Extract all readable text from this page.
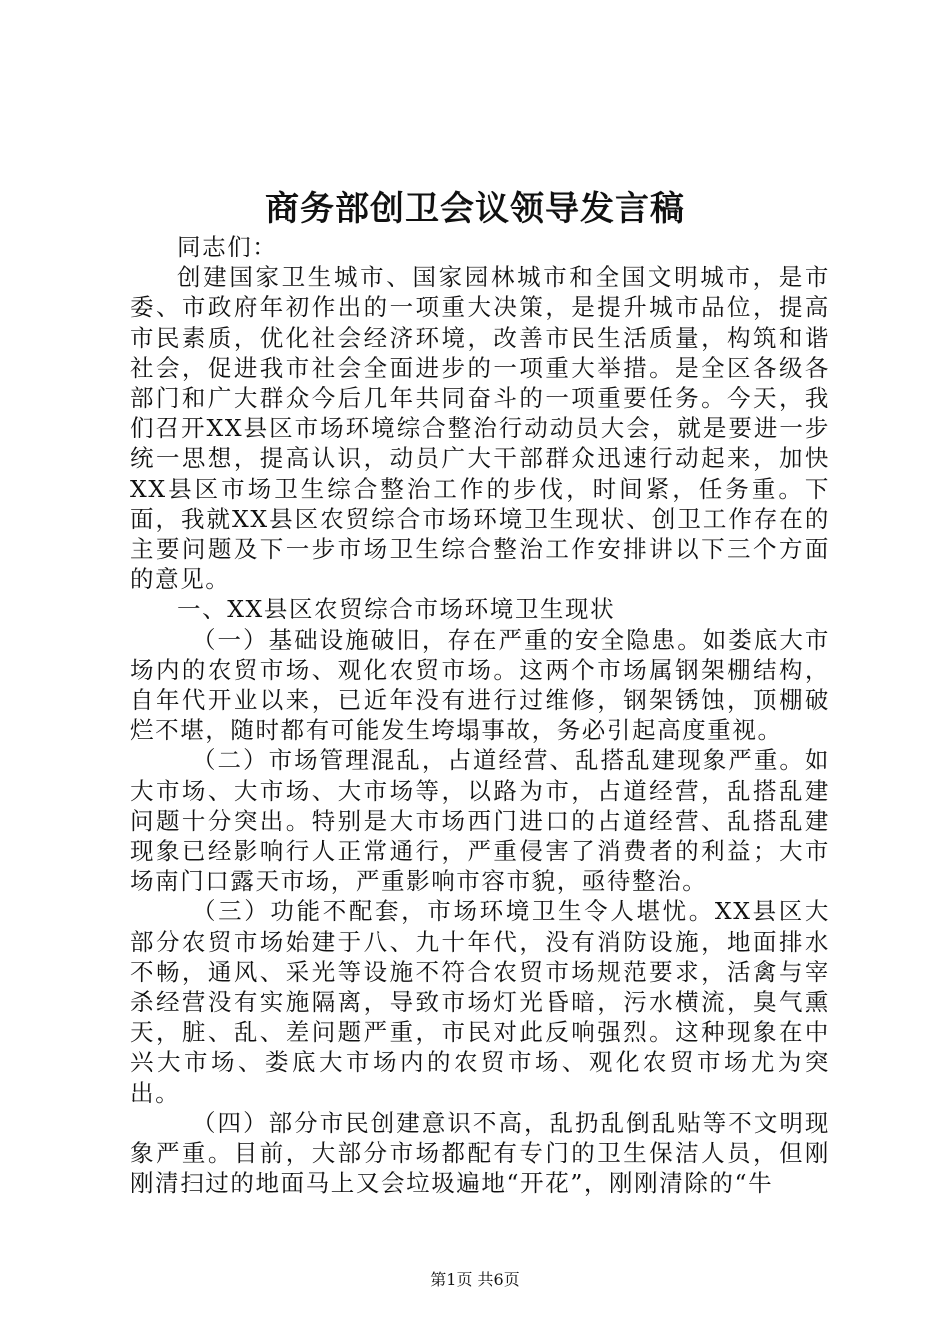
商务部创卫会议领导发言稿

同志们：

创建国家卫生城市、国家园林城市和全国文明城市，是市委、市政府年初作出的一项重大决策，是提升城市品位，提高市民素质，优化社会经济环境，改善市民生活质量，构筑和谐社会，促进我市社会全面进步的一项重大举措。是全区各级各部门和广大群众今后几年共同奋斗的一项重要任务。今天，我们召开XX县区市场环境综合整治行动动员大会，就是要进一步统一思想，提高认识，动员广大干部群众迅速行动起来，加快XX县区市场卫生综合整治工作的步伐，时间紧，任务重。下面，我就XX县区农贸综合市场环境卫生现状、创卫工作存在的主要问题及下一步市场卫生综合整治工作安排讲以下三个方面的意见。

一、XX县区农贸综合市场环境卫生现状

（一）基础设施破旧，存在严重的安全隐患。如娄底大市场内的农贸市场、观化农贸市场。这两个市场属钢架棚结构，自年代开业以来，已近年没有进行过维修，钢架锈蚀，顶棚破烂不堪，随时都有可能发生垮塌事故，务必引起高度重视。

（二）市场管理混乱，占道经营、乱搭乱建现象严重。如大市场、大市场、大市场等，以路为市，占道经营，乱搭乱建问题十分突出。特别是大市场西门进口的占道经营、乱搭乱建现象已经影响行人正常通行，严重侵害了消费者的利益；大市场南门口露天市场，严重影响市容市貌，亟待整治。

（三）功能不配套，市场环境卫生令人堪忧。XX县区大部分农贸市场始建于八、九十年代，没有消防设施，地面排水不畅，通风、采光等设施不符合农贸市场规范要求，活禽与宰杀经营没有实施隔离，导致市场灯光昏暗，污水横流，臭气熏天，脏、乱、差问题严重，市民对此反响强烈。这种现象在中兴大市场、娄底大市场内的农贸市场、观化农贸市场尤为突出。

（四）部分市民创建意识不高，乱扔乱倒乱贴等不文明现象严重。目前，大部分市场都配有专门的卫生保洁人员，但刚刚清扫过的地面马上又会垃圾遍地“开花”，刚刚清除的“牛

第1页 共6页
